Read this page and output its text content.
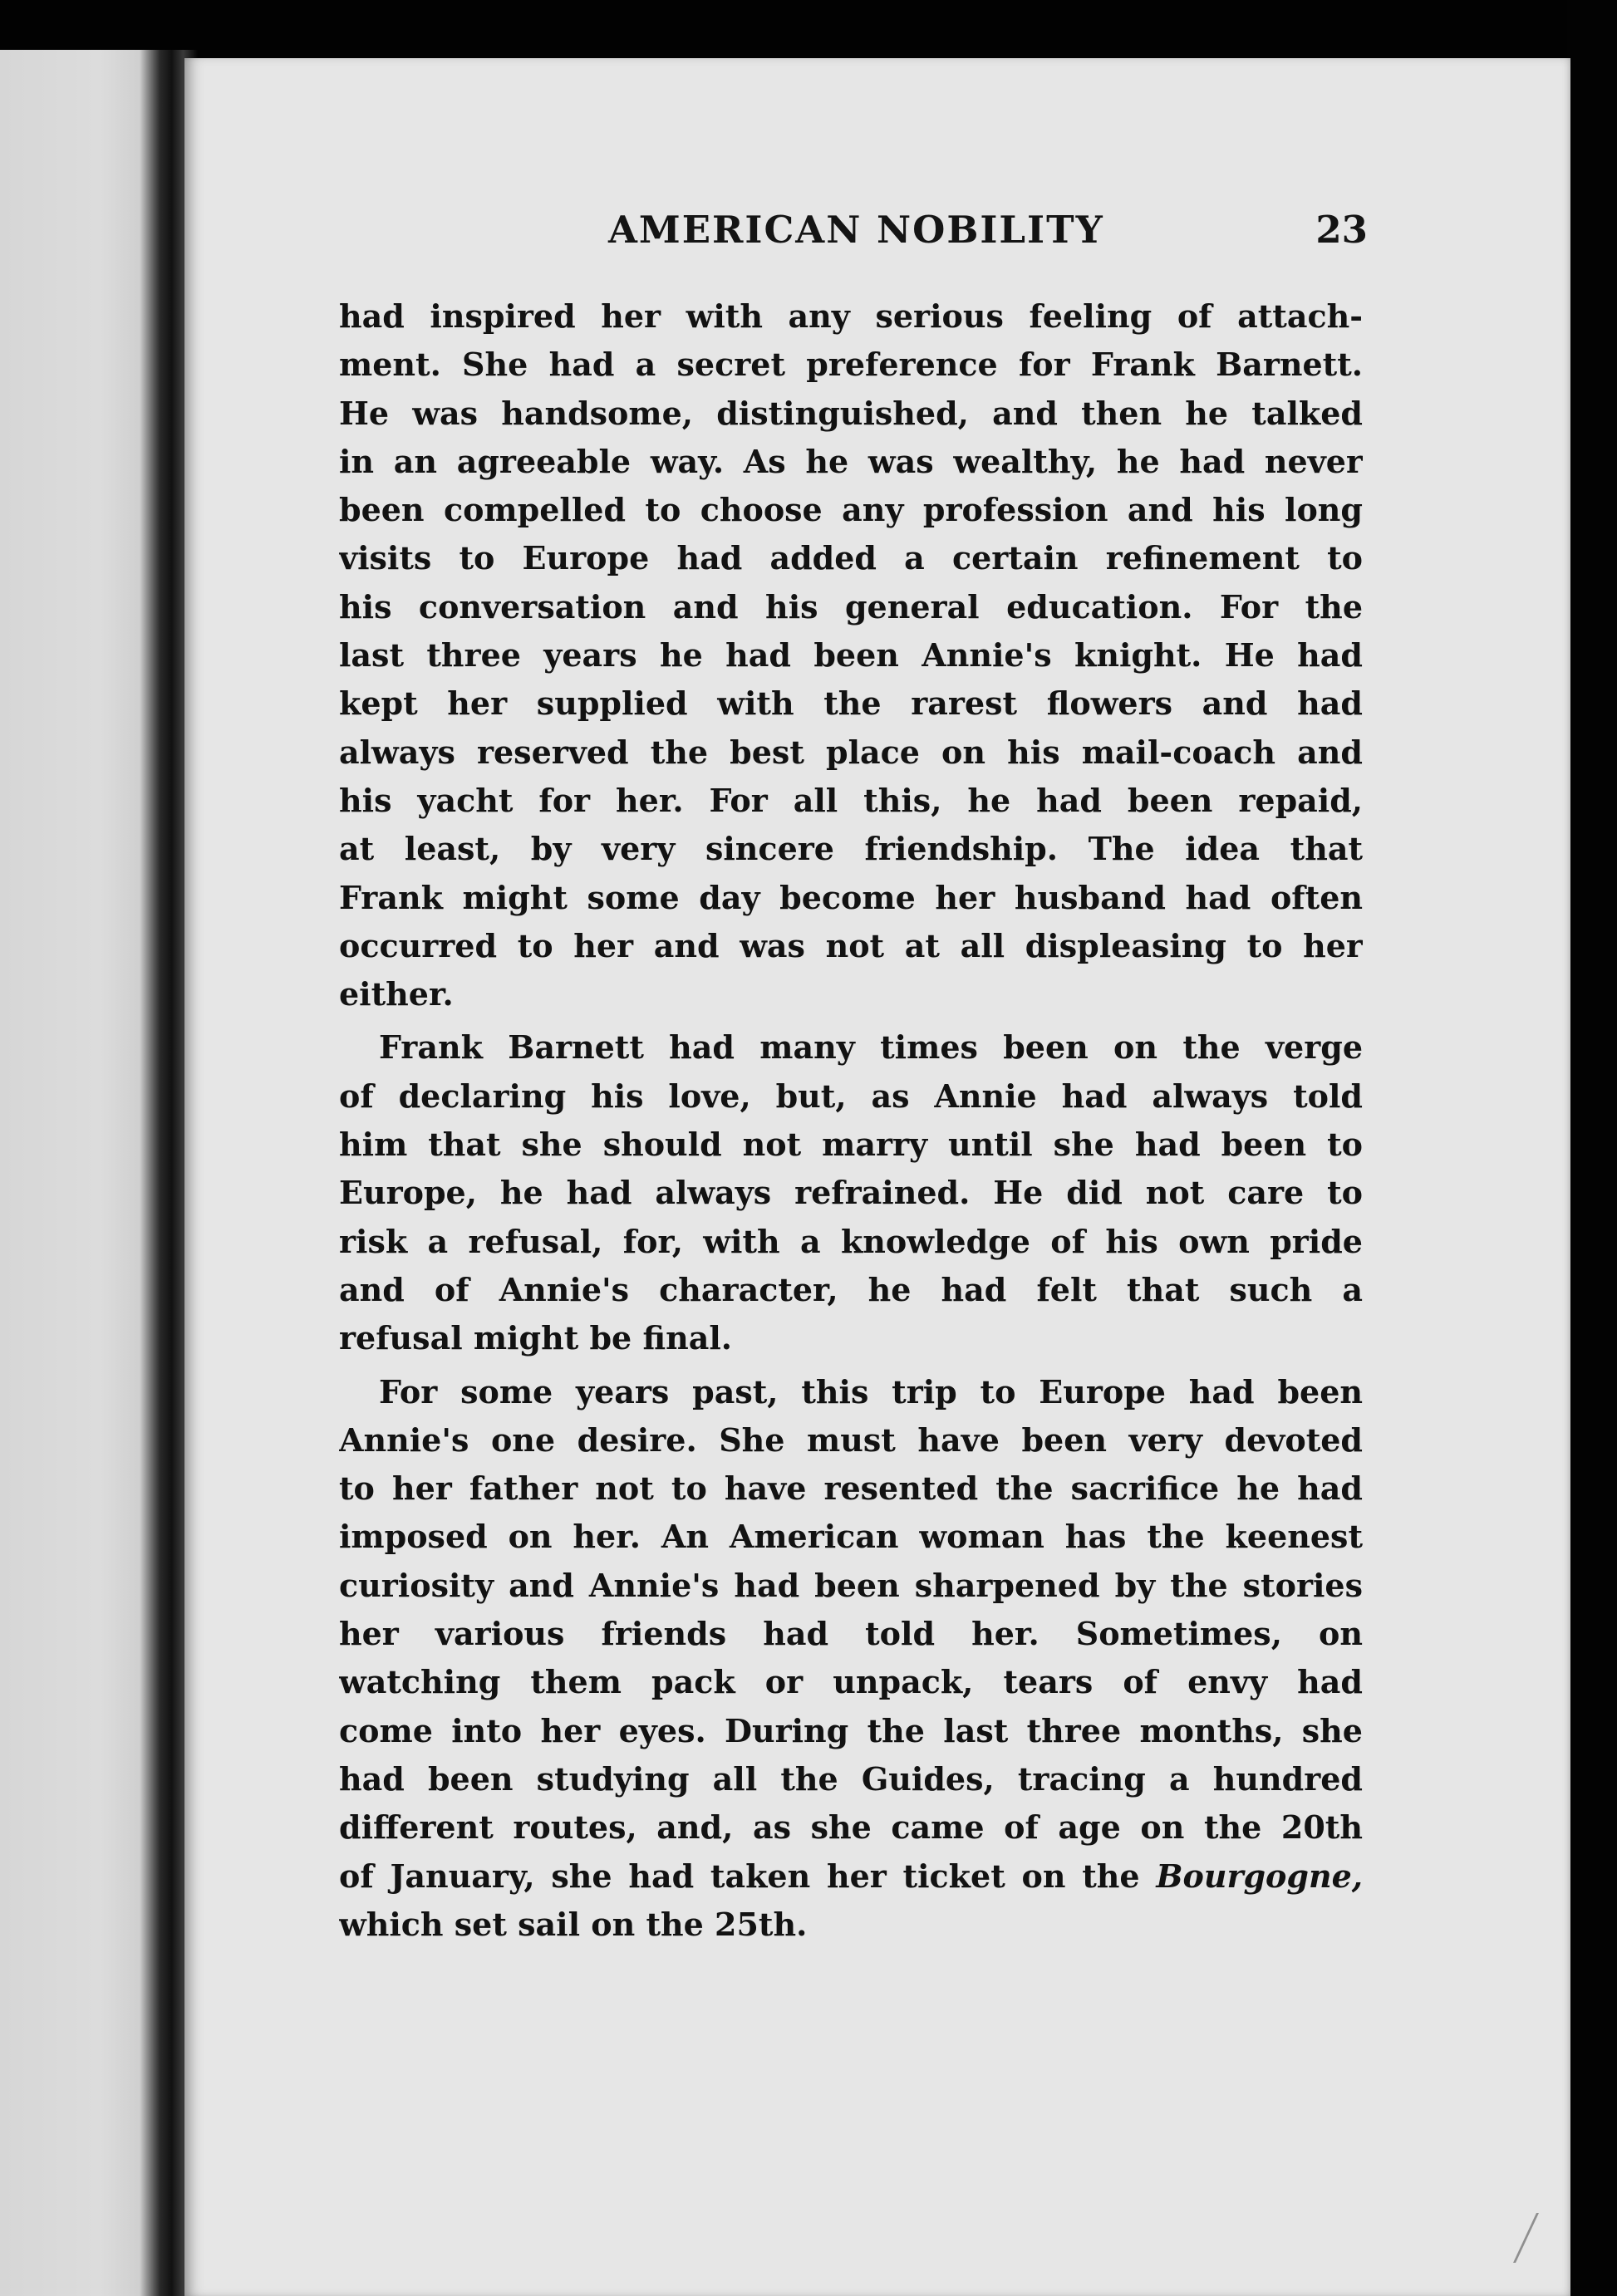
AMERICAN NOBILITY	23
had inspired her with any serious feeling of attach-
ment. She had a secret preference for Frank Barnett.
He was handsome, distinguished, and then he talked
in an agreeable way. As he was wealthy, he had never
been compelled to choose any profession and his long
visits to Europe had added a certain refinement to
his conversation and his general education. For the
last three years he had been Annie's knight. He had
kept her supplied with the rarest flowers and had
always reserved the best place on his mail-coach and
his yacht for her. For all this, he had been repaid,
at least, by very sincere friendship. The idea that
Frank might some day become her husband had often
occurred to her and was not at all displeasing to her
either.
Frank Barnett had many times been on the verge
of declaring his love, but, as Annie had always told
him that she should not marry until she had been to
Europe, he had always refrained. He did not care to
risk a refusal, for, with a knowledge of his own pride
and of Annie's character, he had felt that such a
refusal might be final.
For some years past, this trip to Europe had been
Annie's one desire. She must have been very devoted
to her father not to have resented the sacrifice he had
imposed on her. An American woman has the keenest
curiosity and Annie's had been sharpened by the stories
her various friends had told her. Sometimes, on
watching them pack or unpack, tears of envy had
come into her eyes. During the last three months, she
had been studying all the Guides, tracing a hundred
different routes, and, as she came of age on the 20th
of January, she had taken her ticket on the Bourgogne,
which set sail on the 25th.
